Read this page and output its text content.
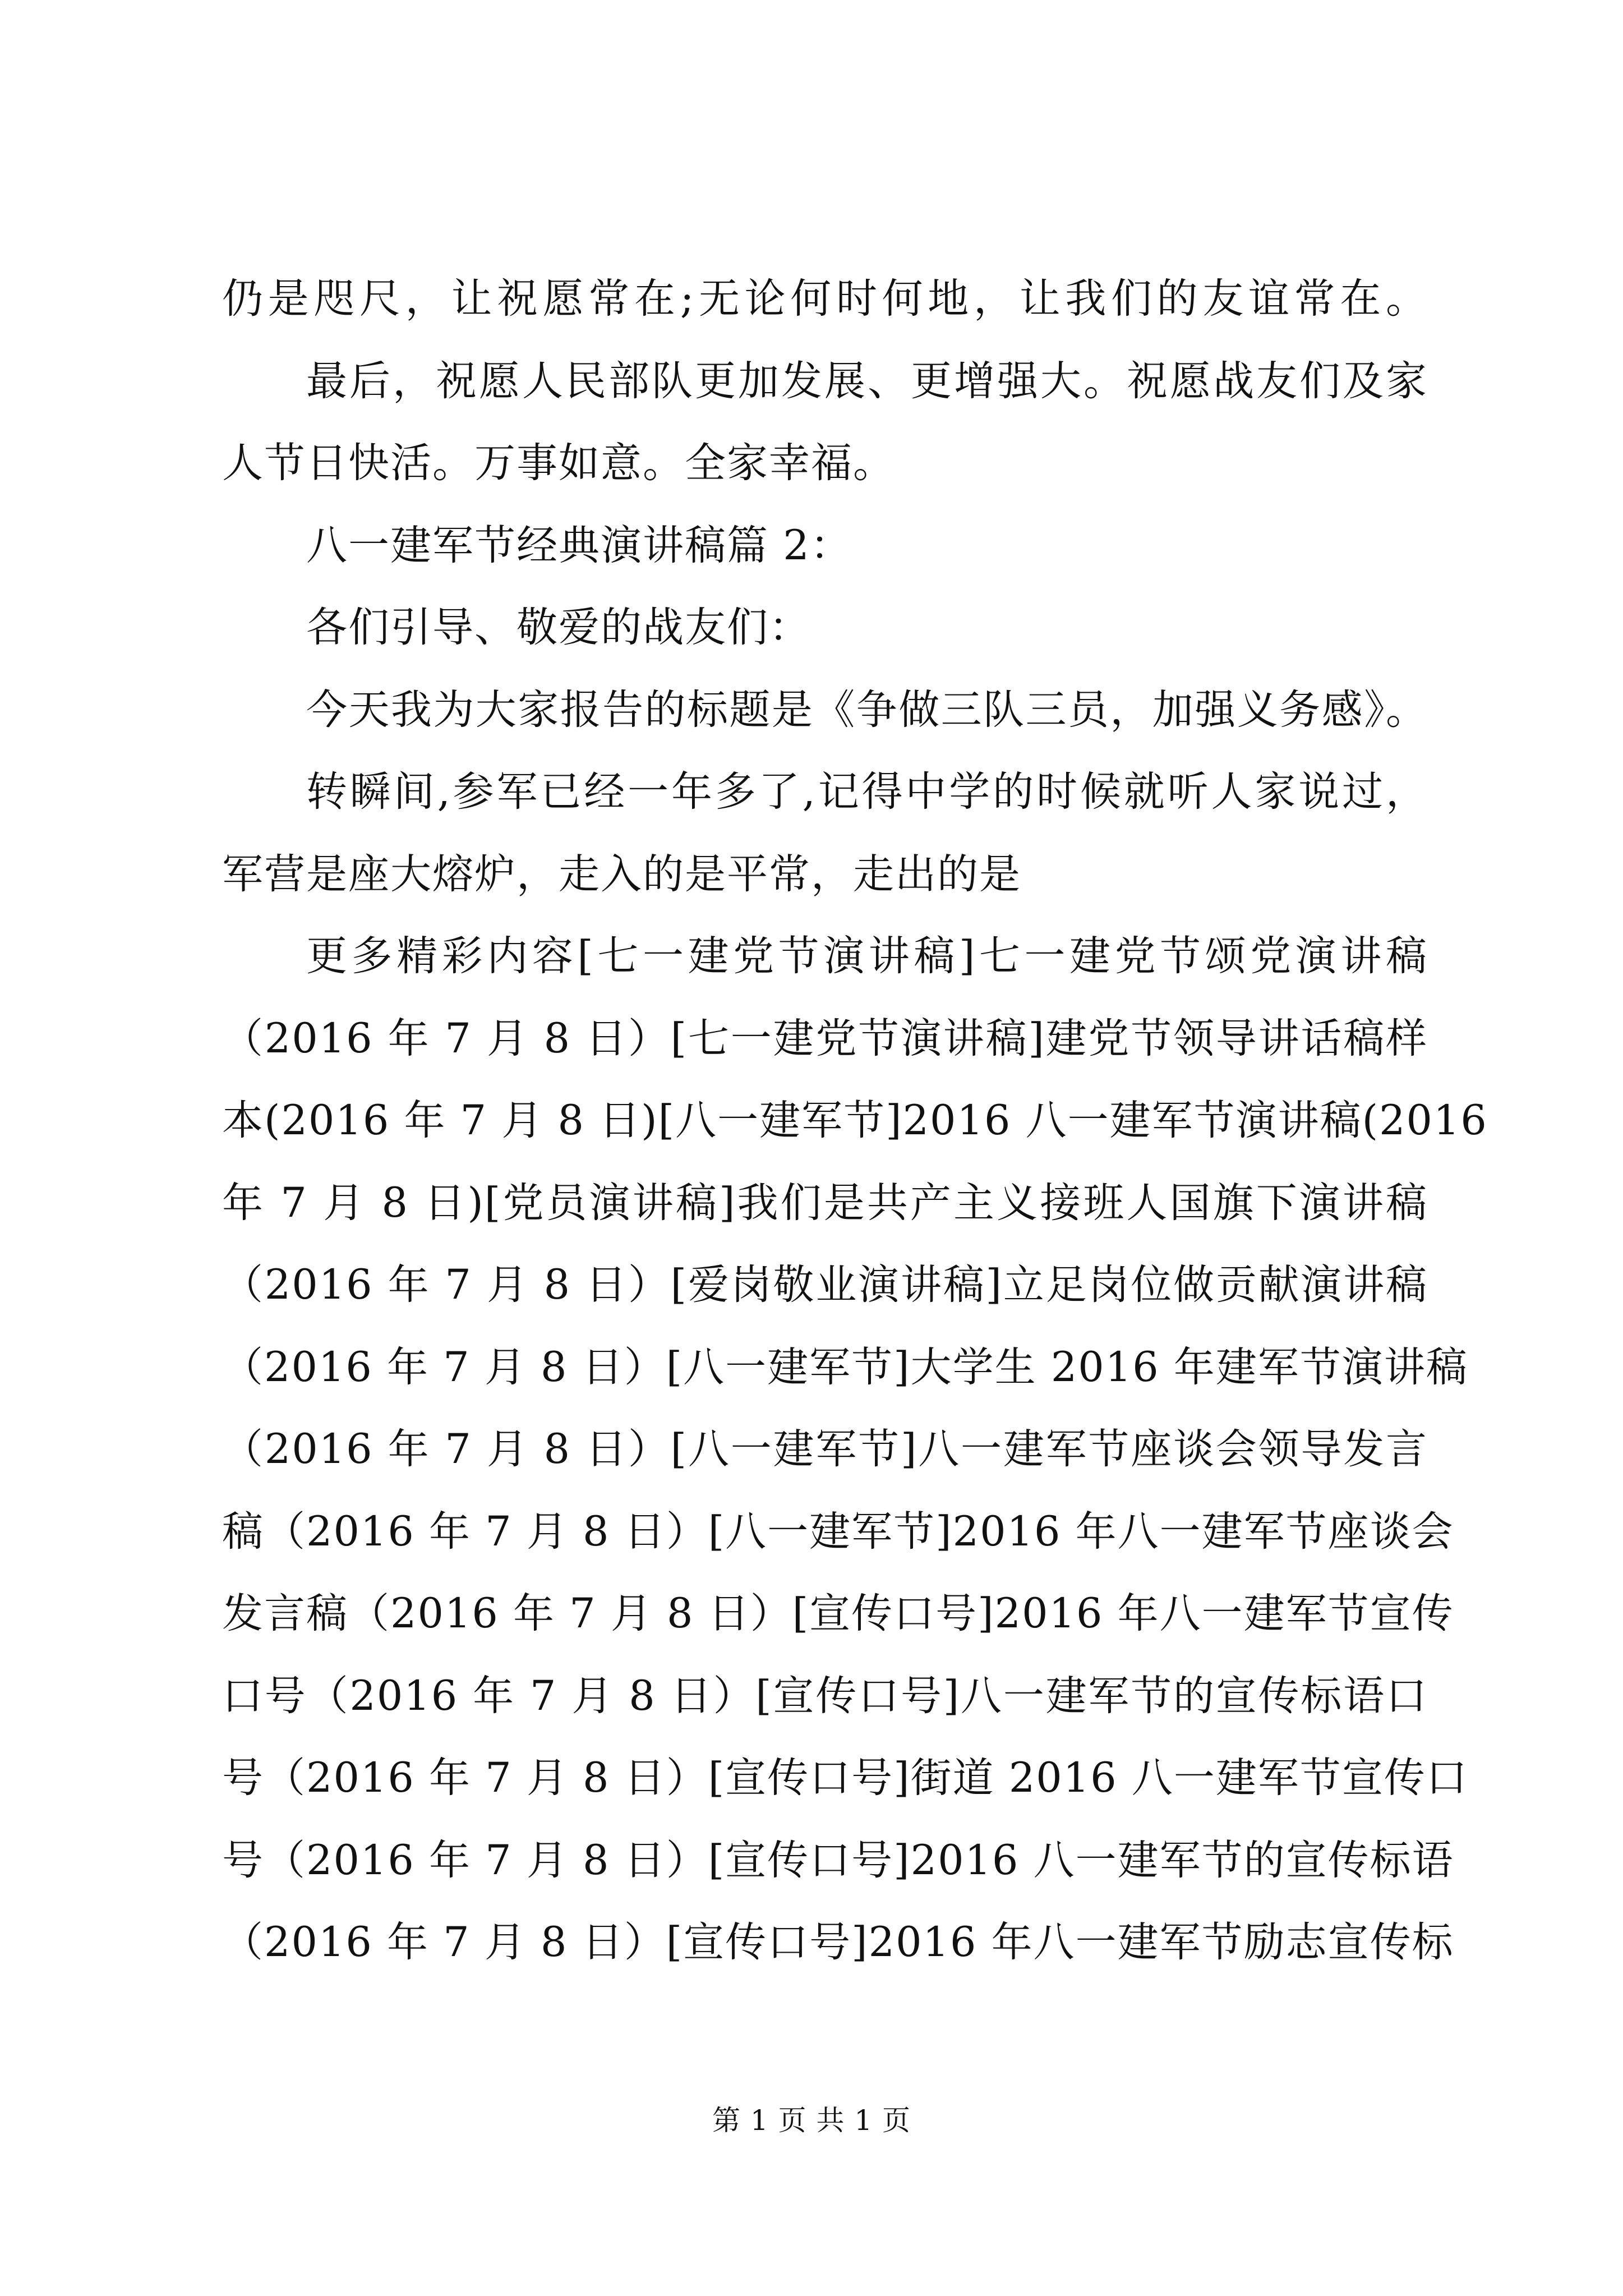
仍是咫尺，让祝愿常在;无论何时何地，让我们的友谊常在。
最后，祝愿人民部队更加发展、更增强大。祝愿战友们及家
人节日快活。万事如意。全家幸福。
八一建军节经典演讲稿篇 2：
各们引导、敬爱的战友们：
今天我为大家报告的标题是《争做三队三员，加强义务感》。
转瞬间,参军已经一年多了,记得中学的时候就听人家说过，
军营是座大熔炉，走入的是平常，走出的是
更多精彩内容[七一建党节演讲稿]七一建党节颂党演讲稿
（2016 年 7 月 8 日）[七一建党节演讲稿]建党节领导讲话稿样
本(2016 年 7 月 8 日)[八一建军节]2016 八一建军节演讲稿(2016
年 7 月 8 日)[党员演讲稿]我们是共产主义接班人国旗下演讲稿
（2016 年 7 月 8 日）[爱岗敬业演讲稿]立足岗位做贡献演讲稿
（2016 年 7 月 8 日）[八一建军节]大学生 2016 年建军节演讲稿
（2016 年 7 月 8 日）[八一建军节]八一建军节座谈会领导发言
稿（2016 年 7 月 8 日）[八一建军节]2016 年八一建军节座谈会
发言稿（2016 年 7 月 8 日）[宣传口号]2016 年八一建军节宣传
口号（2016 年 7 月 8 日）[宣传口号]八一建军节的宣传标语口
号（2016 年 7 月 8 日）[宣传口号]街道 2016 八一建军节宣传口
号（2016 年 7 月 8 日）[宣传口号]2016 八一建军节的宣传标语
（2016 年 7 月 8 日）[宣传口号]2016 年八一建军节励志宣传标
第 1 页 共 1 页
